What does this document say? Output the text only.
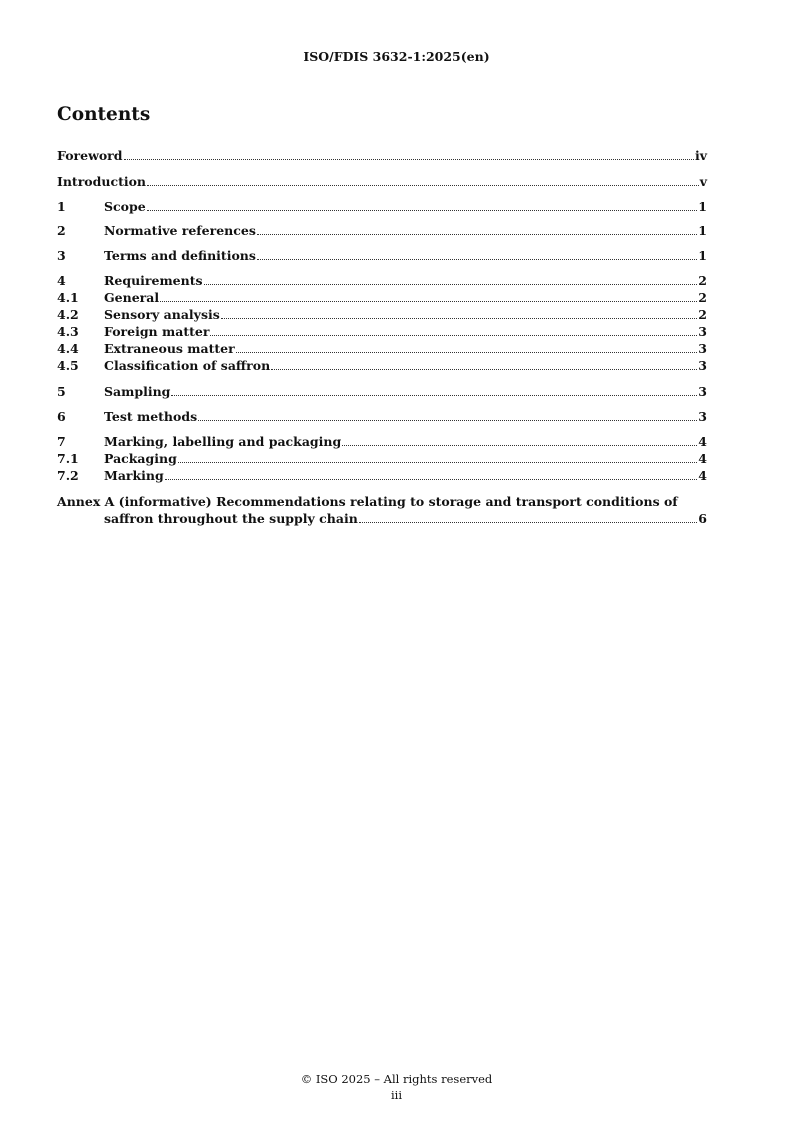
ISO/FDIS 3632-1:2025(en)
Contents
Foreword	iv
Introduction	v
1	Scope	1
2	Normative references	1
3	Terms and definitions	1
4	Requirements	2
4.1	General	2
4.2	Sensory analysis	2
4.3	Foreign matter	3
4.4	Extraneous matter	3
4.5	Classification of saffron	3
5	Sampling	3
6	Test methods	3
7	Marking, labelling and packaging	4
7.1	Packaging	4
7.2	Marking	4
Annex A (informative) Recommendations relating to storage and transport conditions of
saffron throughout the supply chain	6
© ISO 2025 – All rights reserved
iii
